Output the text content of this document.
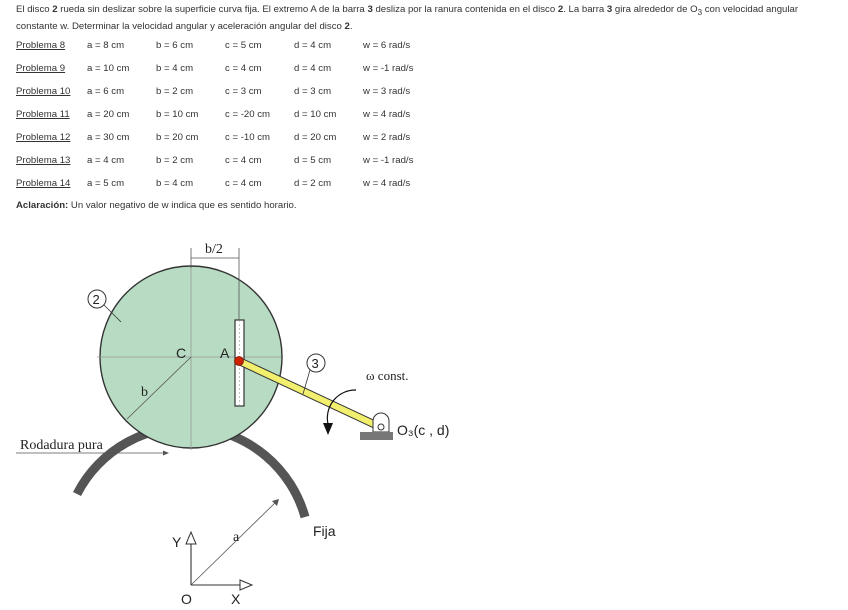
El disco 2 rueda sin deslizar sobre la superficie curva fija. El extremo A de la barra 3 desliza por la ranura contenida en el disco 2. La barra 3 gira alrededor de $O_3$ con velocidad angular constante w. Determinar la velocidad angular y aceleración angular del disco 2.

Problema 8 a = 8 cm	b = 6 cm	c = 5 cm	d = 4 cm	w = 6 rad/s
Problema 9 a = 10 cm	b = 4 cm	c = 4 cm	d = 4 cm	w = -1 rad/s
Problema 10 a = 6 cm	b = 2 cm	c = 3 cm	d = 3 cm	w = 3 rad/s
Problema 11 a = 20 cm	b = 10 cm	c = -20 cm d = 10 cm	w = 4 rad/s
Problema 12 a = 30 cm	b = 20 cm	c = -10 cm d = 20 cm	w = 2 rad/s
Problema 13 a = 4 cm	b = 2 cm	c = 4 cm	d = 5 cm	w = -1 rad/s
Problema 14 a = 5 cm	b = 4 cm	c = 4 cm	d = 2 cm	w = 4 rad/s
Aclaración: Un valor negativo de w indica que es sentido horario.
b/2
O₃(c , d)
ω const.
2
3
C A
b
Rodadura pura
Fija
a
Y
X
O
